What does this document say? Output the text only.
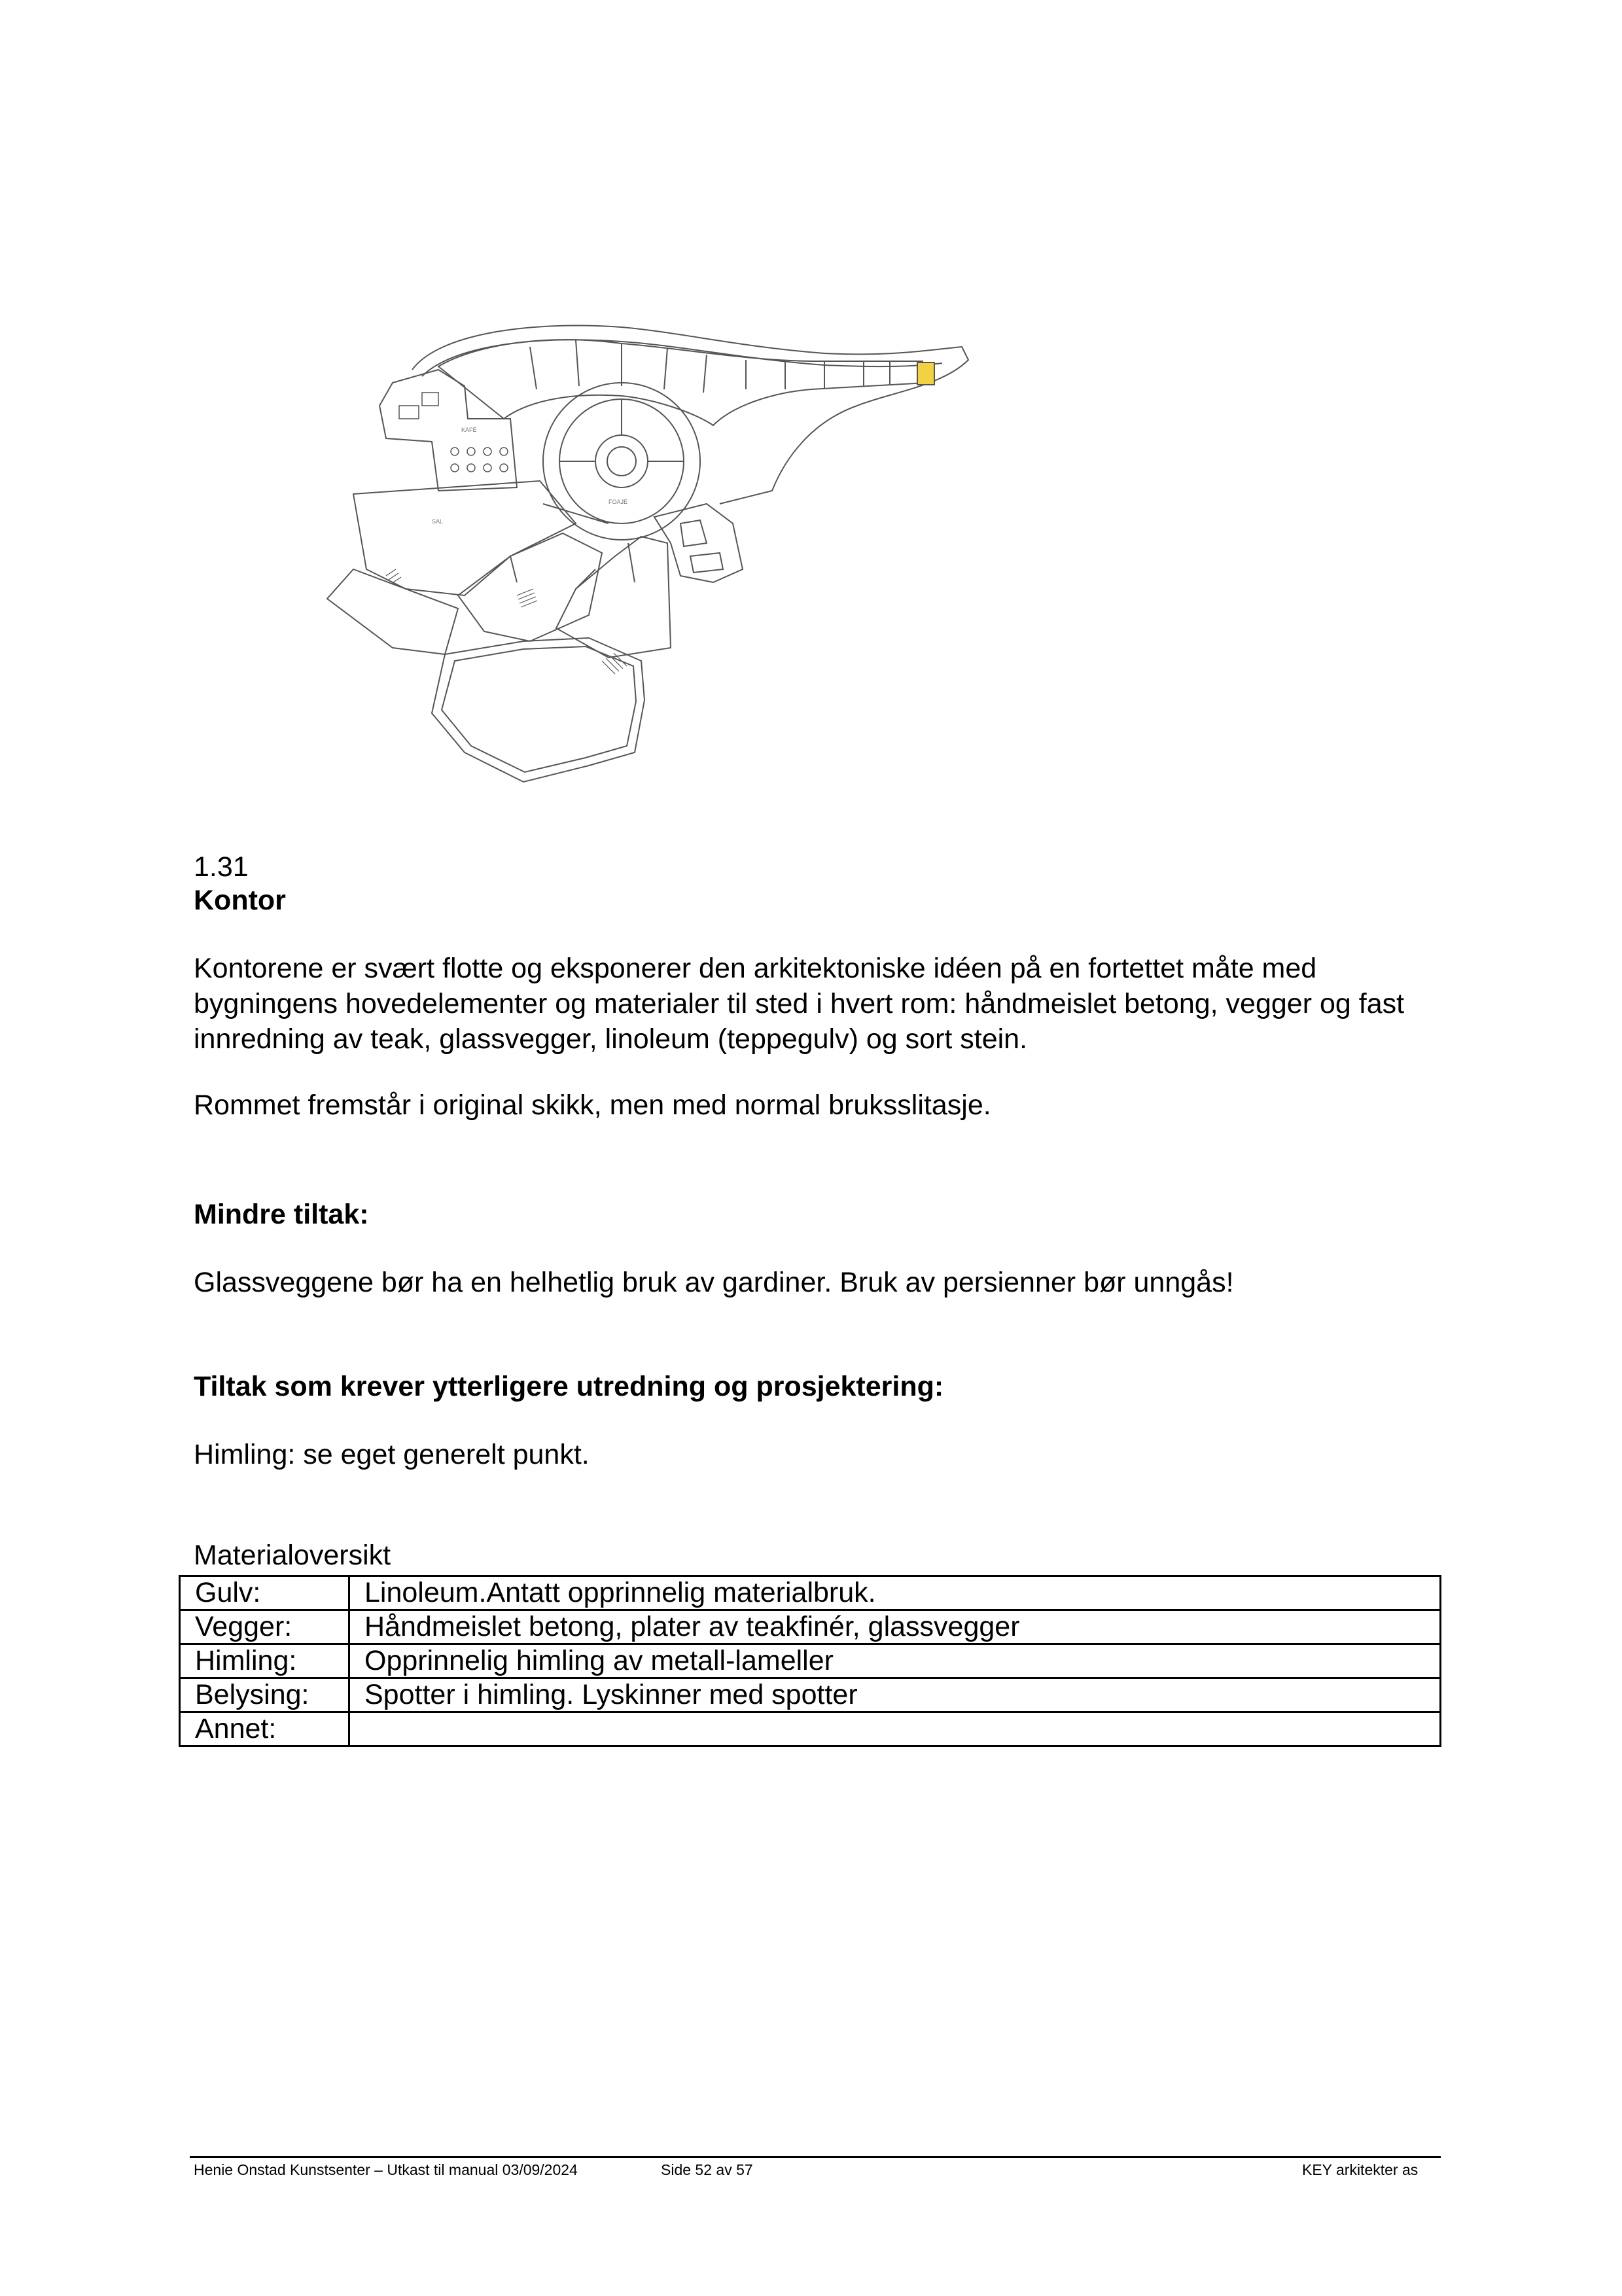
FOAJÉ
SAL
KAFÉ
1.31
Kontor
Kontorene er svært flotte og eksponerer den arkitektoniske idéen på en fortettet måte med bygningens hovedelementer og materialer til sted i hvert rom: håndmeislet betong, vegger og fast innredning av teak, glassvegger, linoleum (teppegulv) og sort stein.
Rommet fremstår i original skikk, men med normal bruksslitasje.
Mindre tiltak:
Glassveggene bør ha en helhetlig bruk av gardiner. Bruk av persienner bør unngås!
Tiltak som krever ytterligere utredning og prosjektering:
Himling: se eget generelt punkt.
Materialoversikt
Gulv:	Linoleum.Antatt opprinnelig materialbruk.
Vegger:	Håndmeislet betong, plater av teakfinér, glassvegger
Himling:	Opprinnelig himling av metall-lameller
Belysing:	Spotter i himling. Lyskinner med spotter
Annet:	
Henie Onstad Kunstsenter – Utkast til manual 03/09/2024	Side 52 av 57	KEY arkitekter as
